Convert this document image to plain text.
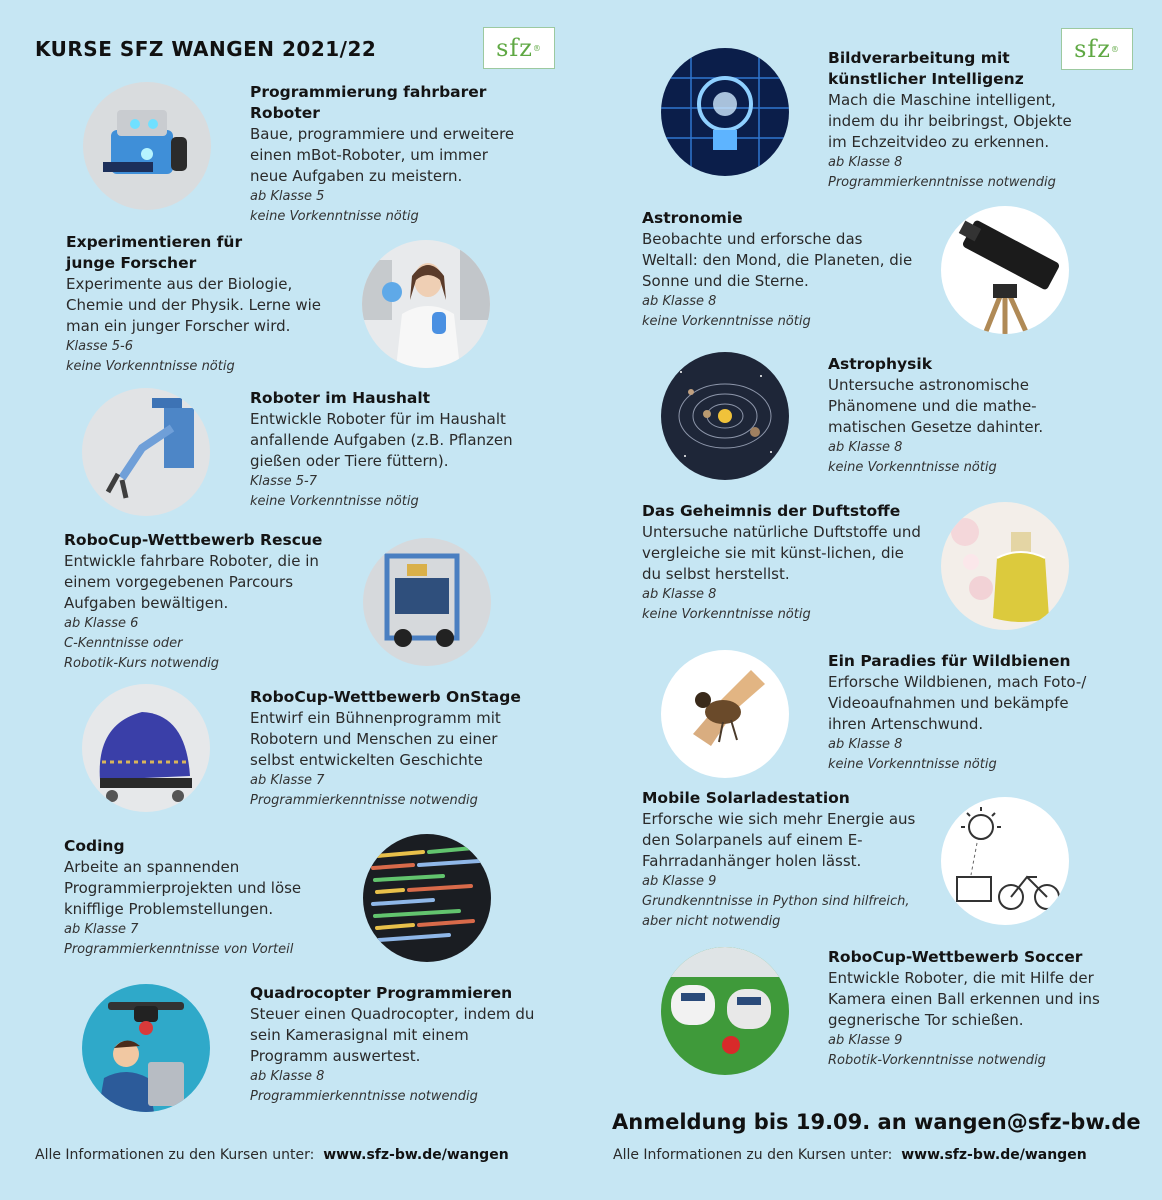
KURSE SFZ WANGEN 2021/22	sfz ®	sfz ®
Programmierung fahrbarer Roboter
Baue, programmiere und erweitere einen mBot-Roboter, um immer neue Aufgaben zu meistern.
ab Klasse 5
keine Vorkenntnisse nötig
Experimentieren für junge Forscher
Experimente aus der Biologie, Chemie und der Physik. Lerne wie man ein junger Forscher wird.
Klasse 5-6
keine Vorkenntnisse nötig
Roboter im Haushalt
Entwickle Roboter für im Haushalt anfallende Aufgaben (z.B. Pflanzen gießen oder Tiere füttern).
Klasse 5-7
keine Vorkenntnisse nötig
RoboCup-Wettbewerb Rescue
Entwickle fahrbare Roboter, die in einem vorgegebenen Parcours Aufgaben bewältigen.
ab Klasse 6
C-Kenntnisse oder
Robotik-Kurs notwendig
RoboCup-Wettbewerb OnStage
Entwirf ein Bühnenprogramm mit Robotern und Menschen zu einer selbst entwickelten Geschichte
ab Klasse 7
Programmierkenntnisse notwendig
Coding
Arbeite an spannenden Programmierprojekten und löse knifflige Problemstellungen.
ab Klasse 7
Programmierkenntnisse von Vorteil
Quadrocopter Programmieren
Steuer einen Quadrocopter, indem du sein Kamerasignal mit einem Programm auswertest.
ab Klasse 8
Programmierkenntnisse notwendig
Alle Informationen zu den Kursen unter: www.sfz-bw.de/wangen
Bildverarbeitung mit künstlicher Intelligenz
Mach die Maschine intelligent, indem du ihr beibringst, Objekte im Echzeitvideo zu erkennen.
ab Klasse 8
Programmierkenntnisse notwendig
Astronomie
Beobachte und erforsche das Weltall: den Mond, die Planeten, die Sonne und die Sterne.
ab Klasse 8
keine Vorkenntnisse nötig
Astrophysik
Untersuche astronomische Phänomene und die mathe-matischen Gesetze dahinter.
ab Klasse 8
keine Vorkenntnisse nötig
Das Geheimnis der Duftstoffe
Untersuche natürliche Duftstoffe und vergleiche sie mit künst-lichen, die du selbst herstellst.
ab Klasse 8
keine Vorkenntnisse nötig
Ein Paradies für Wildbienen
Erforsche Wildbienen, mach Foto-/ Videoaufnahmen und bekämpfe ihren Artenschwund.
ab Klasse 8
keine Vorkenntnisse nötig
Mobile Solarladestation
Erforsche wie sich mehr Energie aus den Solarpanels auf einem E-Fahrradanhänger holen lässt.
ab Klasse 9
Grundkenntnisse in Python sind hilfreich,
aber nicht notwendig
RoboCup-Wettbewerb Soccer
Entwickle Roboter, die mit Hilfe der Kamera einen Ball erkennen und ins gegnerische Tor schießen.
ab Klasse 9
Robotik-Vorkenntnisse notwendig
Anmeldung bis 19.09. an wangen@sfz-bw.de
Alle Informationen zu den Kursen unter: www.sfz-bw.de/wangen
